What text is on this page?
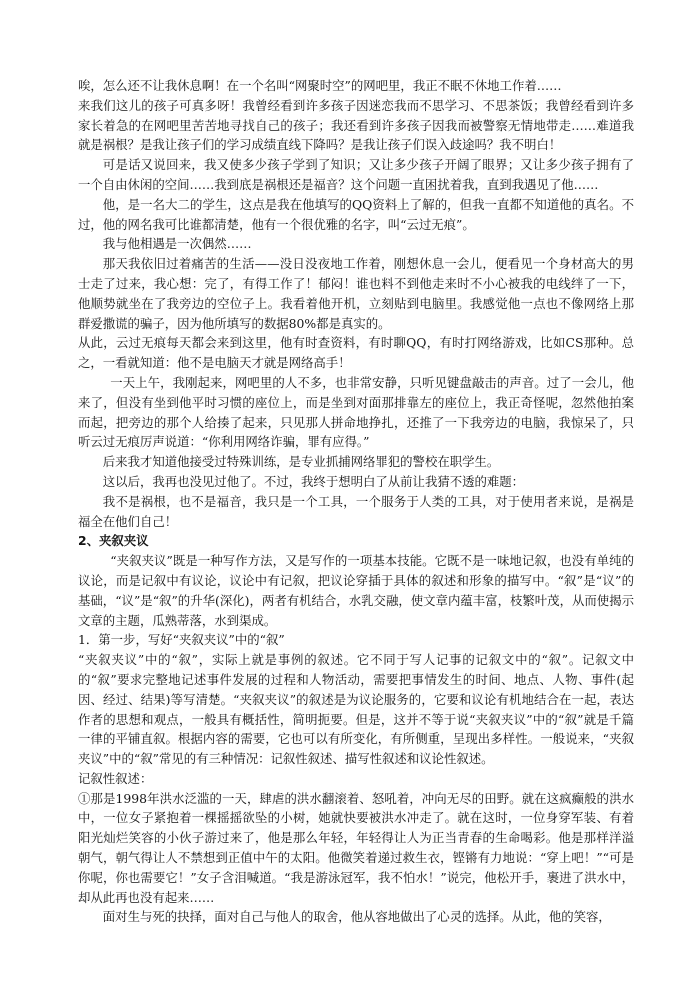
唉，怎么还不让我休息啊！在一个名叫“网聚时空”的网吧里，我正不眠不休地工作着……

来我们这儿的孩子可真多呀！我曾经看到许多孩子因迷恋我而不思学习、不思茶饭；我曾经看到许多家长着急的在网吧里苦苦地寻找自己的孩子；我还看到许多孩子因我而被警察无情地带走……难道我就是祸根？是我让孩子们的学习成绩直线下降吗？是我让孩子们误入歧途吗？我不明白！

可是话又说回来，我又使多少孩子学到了知识；又让多少孩子开阔了眼界；又让多少孩子拥有了一个自由休闲的空间……我到底是祸根还是福音？这个问题一直困扰着我，直到我遇见了他……

他，是一名大二的学生，这点是我在他填写的QQ资料上了解的，但我一直都不知道他的真名。不过，他的网名我可比谁都清楚，他有一个很优雅的名字，叫“云过无痕”。

我与他相遇是一次偶然……

那天我依旧过着痛苦的生活——没日没夜地工作着，刚想休息一会儿，便看见一个身材高大的男士走了过来，我心想：完了，有得工作了！郁闷！谁也料不到他走来时不小心被我的电线绊了一下，他顺势就坐在了我旁边的空位子上。我看着他开机，立刻贴到电脑里。我感觉他一点也不像网络上那群爱撒谎的骗子，因为他所填写的数据80%都是真实的。

从此，云过无痕每天都会来到这里，他有时查资料，有时聊QQ，有时打网络游戏，比如CS那种。总之，一看就知道：他不是电脑天才就是网络高手！

一天上午，我刚起来，网吧里的人不多，也非常安静，只听见键盘敲击的声音。过了一会儿，他来了，但没有坐到他平时习惯的座位上，而是坐到对面那排靠左的座位上，我正奇怪呢，忽然他拍案而起，把旁边的那个人给揍了起来，只见那人拼命地挣扎，还推了一下我旁边的电脑，我惊呆了，只听云过无痕厉声说道：“你利用网络诈骗，罪有应得。”

后来我才知道他接受过特殊训练，是专业抓捕网络罪犯的警校在职学生。

这以后，我再也没见过他了。不过，我终于想明白了从前让我猜不透的难题：

我不是祸根，也不是福音，我只是一个工具，一个服务于人类的工具，对于使用者来说，是祸是福全在他们自己！

2、夹叙夹议

“夹叙夹议”既是一种写作方法，又是写作的一项基本技能。它既不是一味地记叙，也没有单纯的议论，而是记叙中有议论，议论中有记叙，把议论穿插于具体的叙述和形象的描写中。“叙”是“议”的基础，“议”是“叙”的升华(深化)，两者有机结合，水乳交融，使文章内蕴丰富，枝繁叶茂，从而使揭示文章的主题，瓜熟蒂落，水到渠成。

1．第一步，写好“夹叙夹议”中的“叙”

“夹叙夹议”中的“叙”，实际上就是事例的叙述。它不同于写人记事的记叙文中的“叙”。记叙文中的“叙”要求完整地记述事件发展的过程和人物活动，需要把事情发生的时间、地点、人物、事件(起因、经过、结果)等写清楚。“夹叙夹议”的叙述是为议论服务的，它要和议论有机地结合在一起，表达作者的思想和观点，一般具有概括性，简明扼要。但是，这并不等于说“夹叙夹议”中的“叙”就是千篇一律的平铺直叙。根据内容的需要，它也可以有所变化，有所侧重，呈现出多样性。一般说来，“夹叙夹议”中的“叙”常见的有三种情况：记叙性叙述、描写性叙述和议论性叙述。

记叙性叙述：

①那是1998年洪水泛滥的一天，肆虐的洪水翻滚着、怒吼着，冲向无尽的田野。就在这疯癫般的洪水中，一位女子紧抱着一棵摇摇欲坠的小树，她就快要被洪水冲走了。就在这时，一位身穿军装、有着阳光灿烂笑容的小伙子游过来了，他是那么年轻，年轻得让人为正当青春的生命喝彩。他是那样洋溢朝气，朝气得让人不禁想到正值中午的太阳。他微笑着递过救生衣，铿锵有力地说：“穿上吧！”“可是你呢，你也需要它！”女子含泪喊道。“我是游泳冠军，我不怕水！”说完，他松开手，裹进了洪水中，却从此再也没有起来……

面对生与死的抉择，面对自己与他人的取舍，他从容地做出了心灵的选择。从此，他的笑容，
